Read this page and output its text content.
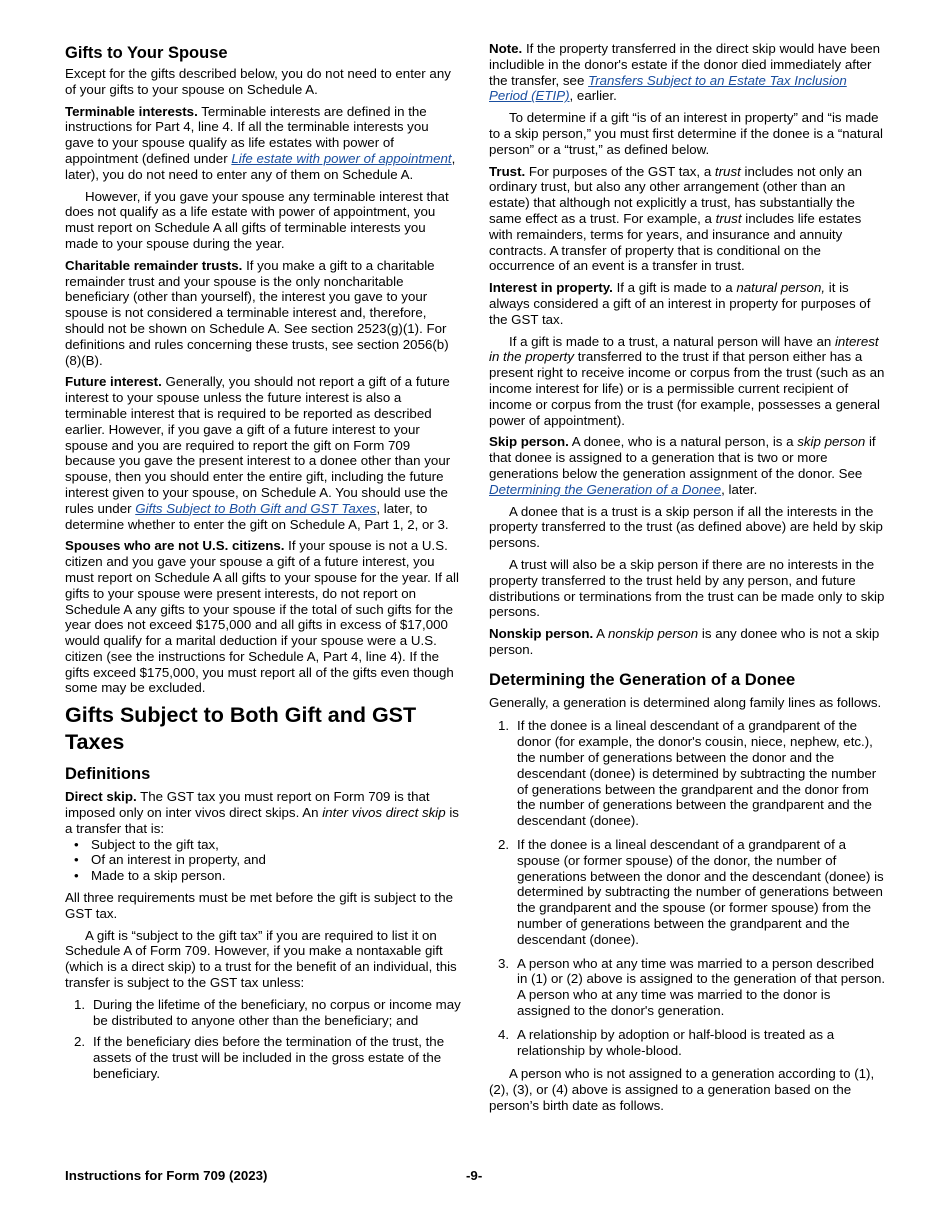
Gifts to Your Spouse

Except for the gifts described below, you do not need to enter any of your gifts to your spouse on Schedule A.

Terminable interests. Terminable interests are defined in the instructions for Part 4, line 4. If all the terminable interests you gave to your spouse qualify as life estates with power of appointment (defined under Life estate with power of appointment, later), you do not need to enter any of them on Schedule A.

However, if you gave your spouse any terminable interest that does not qualify as a life estate with power of appointment, you must report on Schedule A all gifts of terminable interests you made to your spouse during the year.

Charitable remainder trusts. If you make a gift to a charitable remainder trust and your spouse is the only noncharitable beneficiary (other than yourself), the interest you gave to your spouse is not considered a terminable interest and, therefore, should not be shown on Schedule A. See section 2523(g)(1). For definitions and rules concerning these trusts, see section 2056(b)(8)(B).

Future interest. Generally, you should not report a gift of a future interest to your spouse unless the future interest is also a terminable interest that is required to be reported as described earlier. However, if you gave a gift of a future interest to your spouse and you are required to report the gift on Form 709 because you gave the present interest to a donee other than your spouse, then you should enter the entire gift, including the future interest given to your spouse, on Schedule A. You should use the rules under Gifts Subject to Both Gift and GST Taxes, later, to determine whether to enter the gift on Schedule A, Part 1, 2, or 3.

Spouses who are not U.S. citizens. If your spouse is not a U.S. citizen and you gave your spouse a gift of a future interest, you must report on Schedule A all gifts to your spouse for the year. If all gifts to your spouse were present interests, do not report on Schedule A any gifts to your spouse if the total of such gifts for the year does not exceed $175,000 and all gifts in excess of $17,000 would qualify for a marital deduction if your spouse were a U.S. citizen (see the instructions for Schedule A, Part 4, line 4). If the gifts exceed $175,000, you must report all of the gifts even though some may be excluded.

Gifts Subject to Both Gift and GST Taxes
Definitions

Direct skip. The GST tax you must report on Form 709 is that imposed only on inter vivos direct skips. An inter vivos direct skip is a transfer that is:

• Subject to the gift tax,
• Of an interest in property, and
• Made to a skip person.

All three requirements must be met before the gift is subject to the GST tax.

A gift is “subject to the gift tax” if you are required to list it on Schedule A of Form 709. However, if you make a nontaxable gift (which is a direct skip) to a trust for the benefit of an individual, this transfer is subject to the GST tax unless:

1. During the lifetime of the beneficiary, no corpus or income may be distributed to anyone other than the beneficiary; and
2. If the beneficiary dies before the termination of the trust, the assets of the trust will be included in the gross estate of the beneficiary.

Note. If the property transferred in the direct skip would have been includible in the donor's estate if the donor died immediately after the transfer, see Transfers Subject to an Estate Tax Inclusion Period (ETIP), earlier.

To determine if a gift “is of an interest in property” and “is made to a skip person,” you must first determine if the donee is a “natural person” or a “trust,” as defined below.

Trust. For purposes of the GST tax, a trust includes not only an ordinary trust, but also any other arrangement (other than an estate) that although not explicitly a trust, has substantially the same effect as a trust. For example, a trust includes life estates with remainders, terms for years, and insurance and annuity contracts. A transfer of property that is conditional on the occurrence of an event is a transfer in trust.

Interest in property. If a gift is made to a natural person, it is always considered a gift of an interest in property for purposes of the GST tax.

If a gift is made to a trust, a natural person will have an interest in the property transferred to the trust if that person either has a present right to receive income or corpus from the trust (such as an income interest for life) or is a permissible current recipient of income or corpus from the trust (for example, possesses a general power of appointment).

Skip person. A donee, who is a natural person, is a skip person if that donee is assigned to a generation that is two or more generations below the generation assignment of the donor. See Determining the Generation of a Donee, later.

A donee that is a trust is a skip person if all the interests in the property transferred to the trust (as defined above) are held by skip persons.

A trust will also be a skip person if there are no interests in the property transferred to the trust held by any person, and future distributions or terminations from the trust can be made only to skip persons.

Nonskip person. A nonskip person is any donee who is not a skip person.

Determining the Generation of a Donee

Generally, a generation is determined along family lines as follows.

1. If the donee is a lineal descendant of a grandparent of the donor (for example, the donor's cousin, niece, nephew, etc.), the number of generations between the donor and the descendant (donee) is determined by subtracting the number of generations between the grandparent and the donor from the number of generations between the grandparent and the descendant (donee).
2. If the donee is a lineal descendant of a grandparent of a spouse (or former spouse) of the donor, the number of generations between the donor and the descendant (donee) is determined by subtracting the number of generations between the grandparent and the spouse (or former spouse) from the number of generations between the grandparent and the descendant (donee).
3. A person who at any time was married to a person described in (1) or (2) above is assigned to the generation of that person. A person who at any time was married to the donor is assigned to the donor's generation.
4. A relationship by adoption or half-blood is treated as a relationship by whole-blood.

A person who is not assigned to a generation according to (1), (2), (3), or (4) above is assigned to a generation based on the person’s birth date as follows.

Instructions for Form 709 (2023)	-9-
